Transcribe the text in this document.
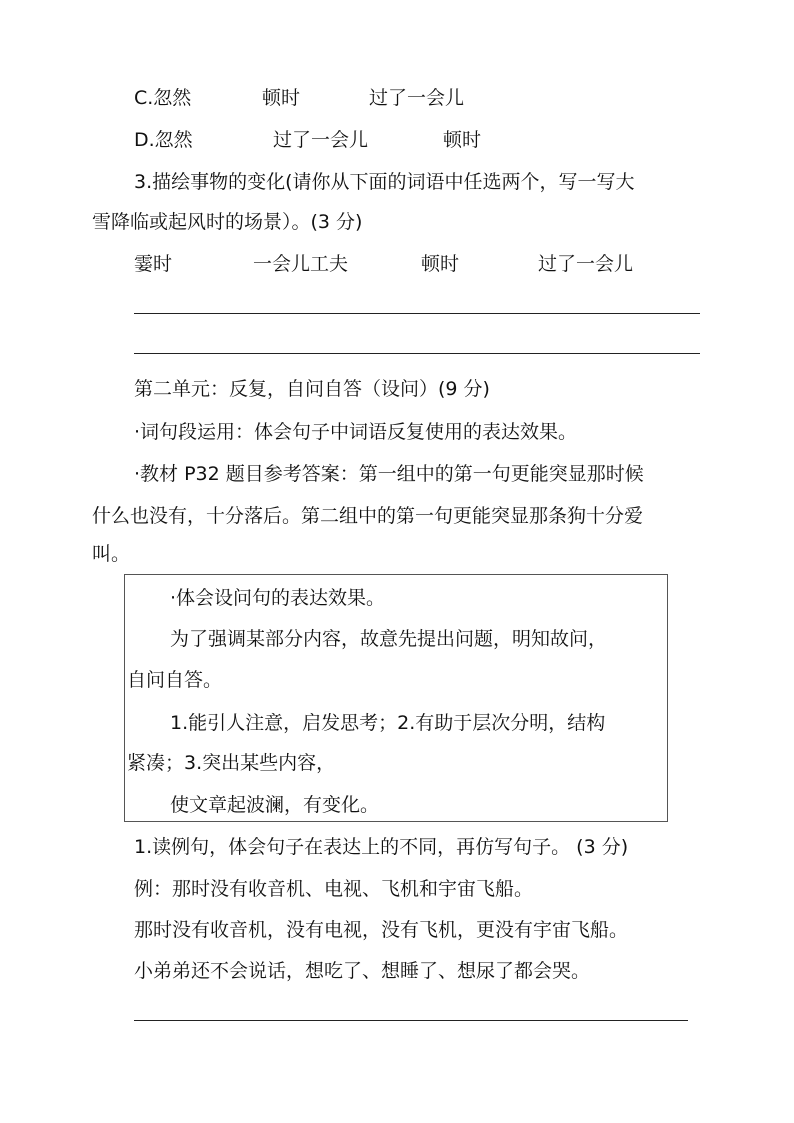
C.忽然	顿时	过了一会儿
D.忽然	过了一会儿	顿时
3.描绘事物的变化(请你从下面的词语中任选两个，写一写大
雪降临或起风时的场景）。(3 分)
霎时	一会儿工夫	顿时	过了一会儿
第二单元：反复，自问自答（设问）(9 分)
·词句段运用：体会句子中词语反复使用的表达效果。
·教材 P32 题目参考答案：第一组中的第一句更能突显那时候
什么也没有，十分落后。第二组中的第一句更能突显那条狗十分爱
叫。
·体会设问句的表达效果。
为了强调某部分内容，故意先提出问题，明知故问，
自问自答。
1.能引人注意，启发思考；2.有助于层次分明，结构
紧凑；3.突出某些内容，
使文章起波澜，有变化。
1.读例句，体会句子在表达上的不同，再仿写句子。 (3 分)
例：那时没有收音机、电视、飞机和宇宙飞船。
那时没有收音机，没有电视，没有飞机，更没有宇宙飞船。
小弟弟还不会说话，想吃了、想睡了、想尿了都会哭。
